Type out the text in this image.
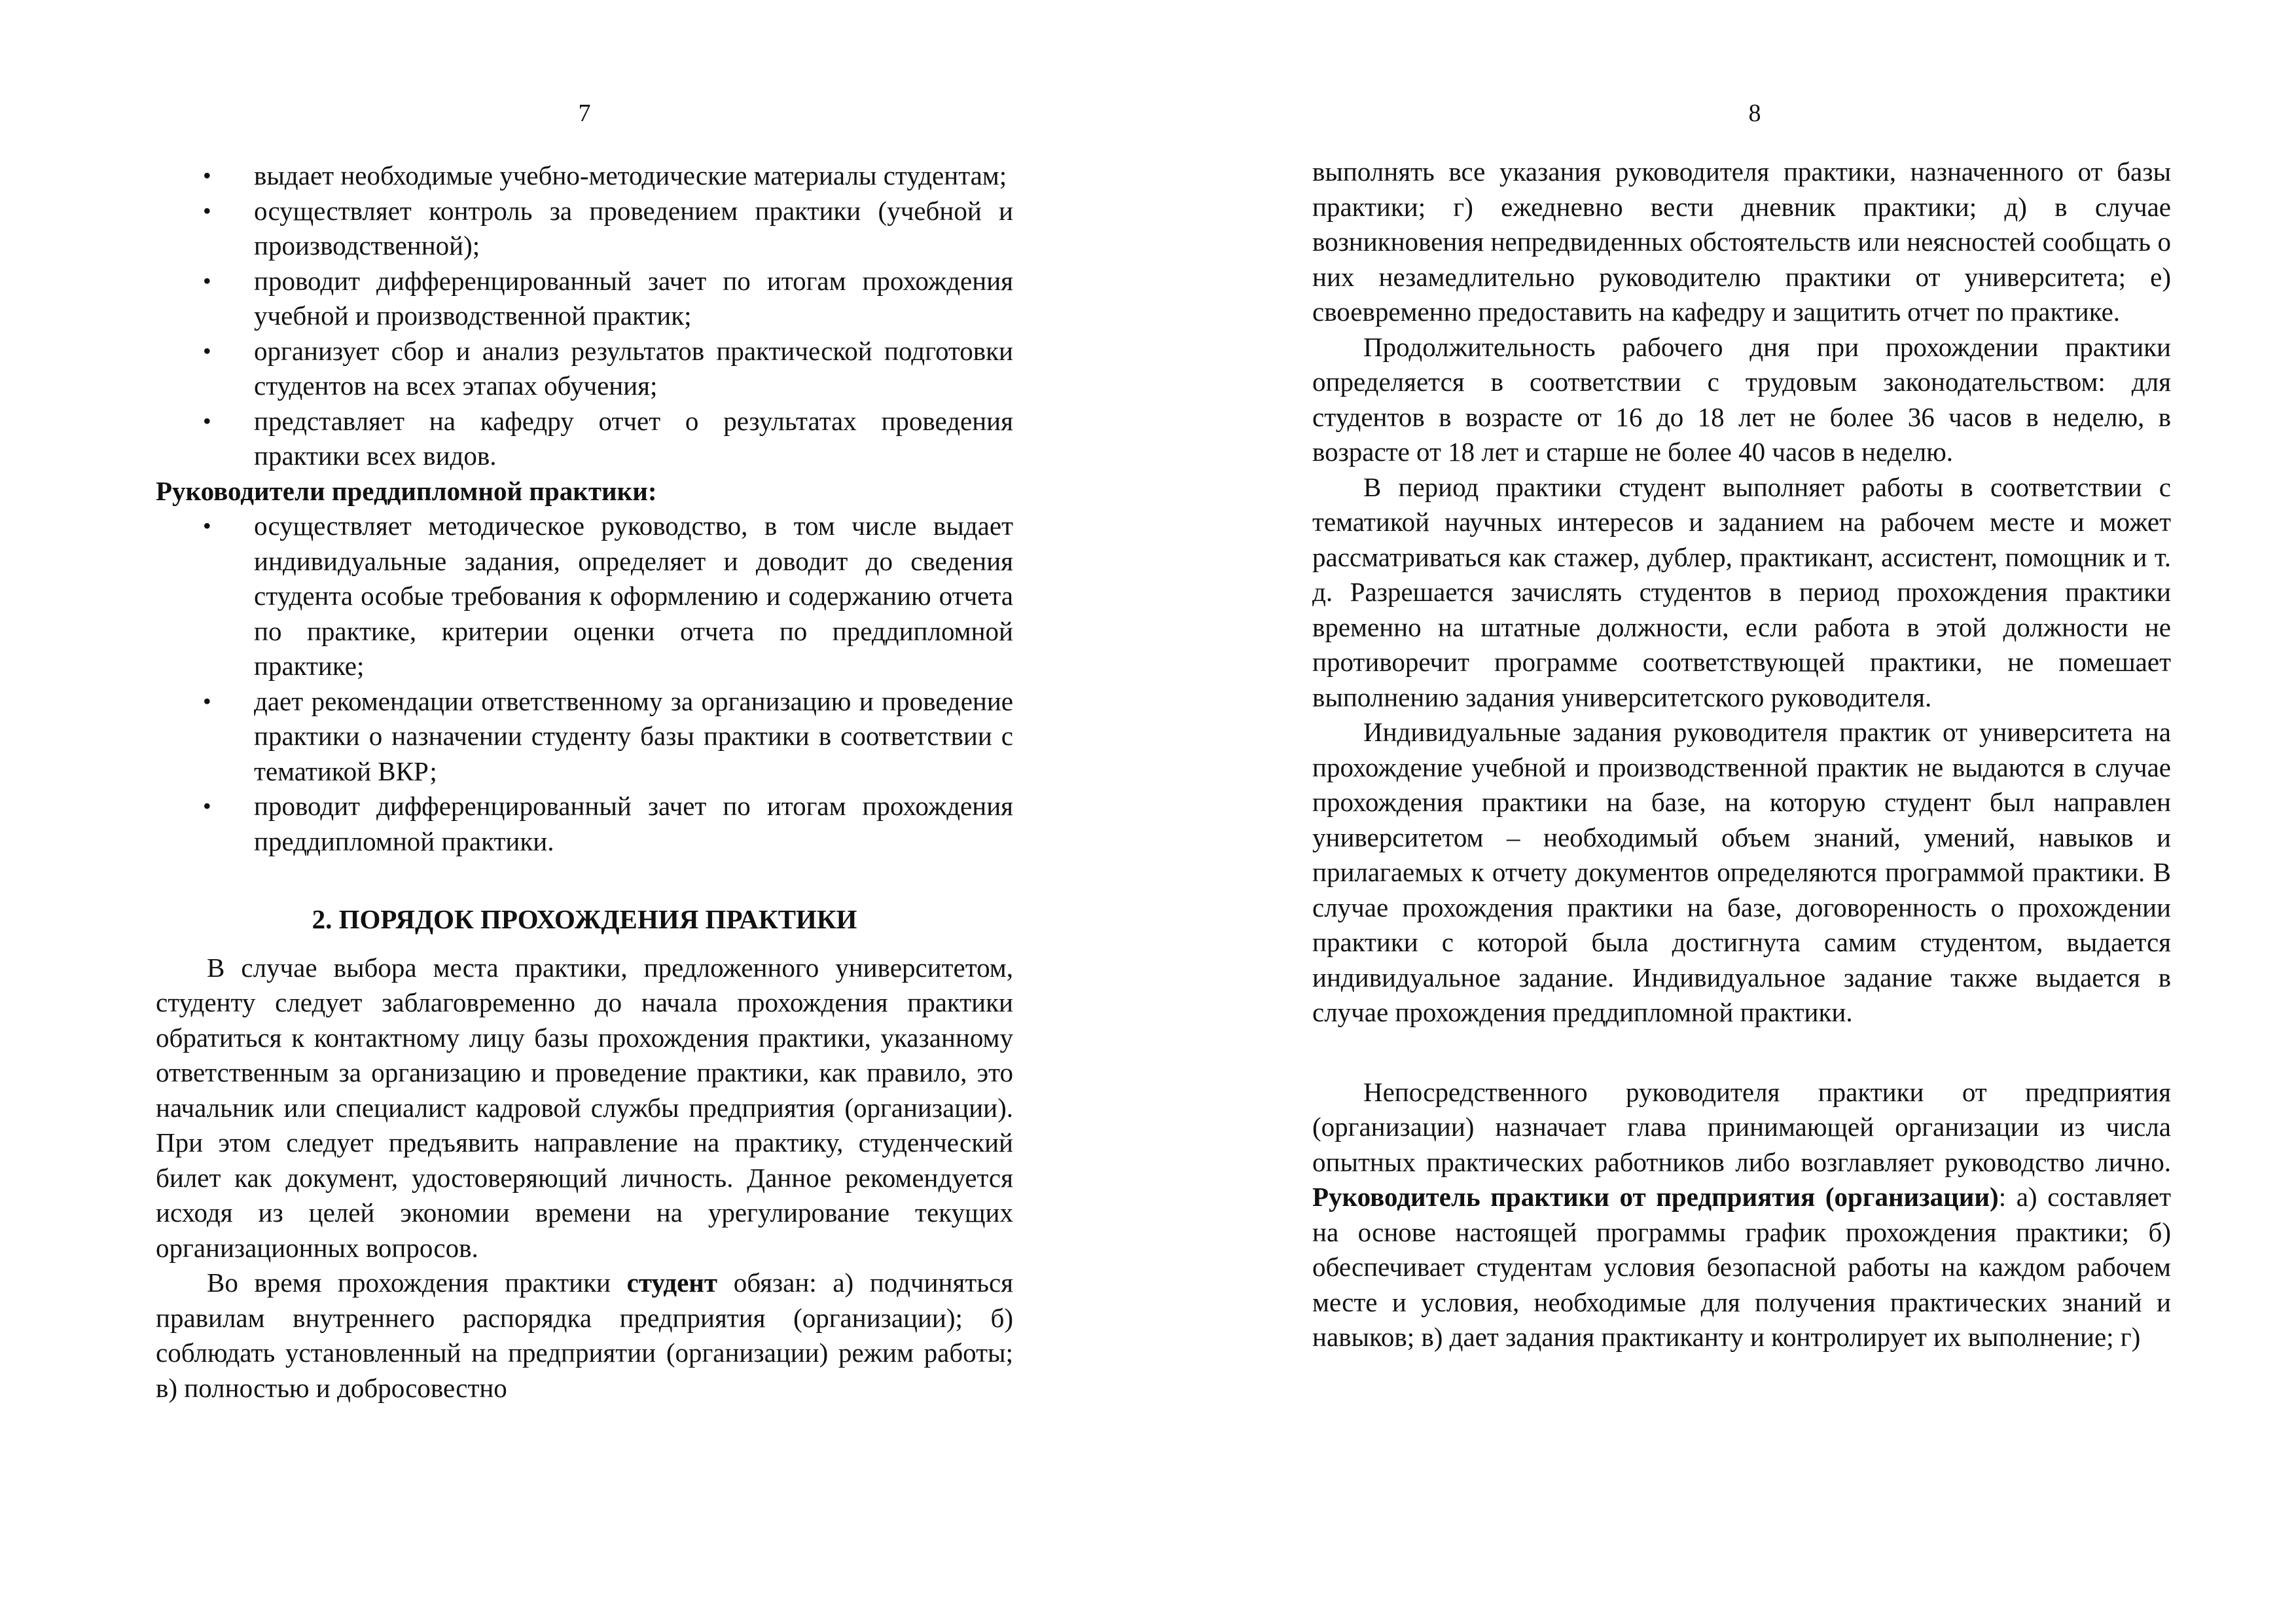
7
• выдает необходимые учебно-методические материалы студентам;
• осуществляет контроль за проведением практики (учебной и производственной);
• проводит дифференцированный зачет по итогам прохождения учебной и производственной практик;
• организует сбор и анализ результатов практической подготовки студентов на всех этапах обучения;
• представляет на кафедру отчет о результатах проведения практики всех видов.

Руководители преддипломной практики:

• осуществляет методическое руководство, в том числе выдает индивидуальные задания, определяет и доводит до сведения студента особые требования к оформлению и содержанию отчета по практике, критерии оценки отчета по преддипломной практике;
• дает рекомендации ответственному за организацию и проведение практики о назначении студенту базы практики в соответствии с тематикой ВКР;
• проводит дифференцированный зачет по итогам прохождения преддипломной практики.

2. ПОРЯДОК ПРОХОЖДЕНИЯ ПРАКТИКИ

В случае выбора места практики, предложенного университетом, студенту следует заблаговременно до начала прохождения практики обратиться к контактному лицу базы прохождения практики, указанному ответственным за организацию и проведение практики, как правило, это начальник или специалист кадровой службы предприятия (организации). При этом следует предъявить направление на практику, студенческий билет как документ, удостоверяющий личность. Данное рекомендуется исходя из целей экономии времени на урегулирование текущих организационных вопросов.

Во время прохождения практики студент обязан: а) подчиняться правилам внутреннего распорядка предприятия (организации); б) соблюдать установленный на предприятии (организации) режим работы; в) полностью и добросовестно

8

выполнять все указания руководителя практики, назначенного от базы практики; г) ежедневно вести дневник практики; д) в случае возникновения непредвиденных обстоятельств или неясностей сообщать о них незамедлительно руководителю практики от университета; е) своевременно предоставить на кафедру и защитить отчет по практике.

Продолжительность рабочего дня при прохождении практики определяется в соответствии с трудовым законодательством: для студентов в возрасте от 16 до 18 лет не более 36 часов в неделю, в возрасте от 18 лет и старше не более 40 часов в неделю.

В период практики студент выполняет работы в соответствии с тематикой научных интересов и заданием на рабочем месте и может рассматриваться как стажер, дублер, практикант, ассистент, помощник и т. д. Разрешается зачислять студентов в период прохождения практики временно на штатные должности, если работа в этой должности не противоречит программе соответствующей практики, не помешает выполнению задания университетского руководителя.

Индивидуальные задания руководителя практик от университета на прохождение учебной и производственной практик не выдаются в случае прохождения практики на базе, на которую студент был направлен университетом – необходимый объем знаний, умений, навыков и прилагаемых к отчету документов определяются программой практики. В случае прохождения практики на базе, договоренность о прохождении практики с которой была достигнута самим студентом, выдается индивидуальное задание. Индивидуальное задание также выдается в случае прохождения преддипломной практики.

Непосредственного руководителя практики от предприятия (организации) назначает глава принимающей организации из числа опытных практических работников либо возглавляет руководство лично. Руководитель практики от предприятия (организации): а) составляет на основе настоящей программы график прохождения практики; б) обеспечивает студентам условия безопасной работы на каждом рабочем месте и условия, необходимые для получения практических знаний и навыков; в) дает задания практиканту и контролирует их выполнение; г)
